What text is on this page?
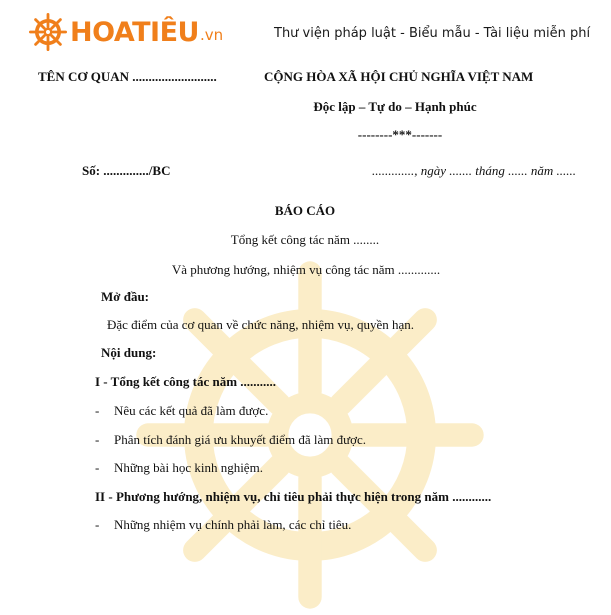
HOATIÊU .vn	Thư viện pháp luật - Biểu mẫu - Tài liệu miễn phí
TÊN CƠ QUAN ..........................	CỘNG HÒA XÃ HỘI CHỦ NGHĨA VIỆT NAM
Độc lập – Tự do – Hạnh phúc
--------***-------
Số: ............../BC	............., ngày ....... tháng ...... năm ......
BÁO CÁO
Tổng kết công tác năm ........
Và phương hướng, nhiệm vụ công tác năm .............
Mở đầu:
Đặc điểm của cơ quan về chức năng, nhiệm vụ, quyền hạn.
Nội dung:
I - Tổng kết công tác năm ...........
- Nêu các kết quả đã làm được.
- Phân tích đánh giá ưu khuyết điểm đã làm được.
- Những bài học kinh nghiệm.
II - Phương hướng, nhiệm vụ, chỉ tiêu phải thực hiện trong năm ............
- Những nhiệm vụ chính phải làm, các chỉ tiêu.
